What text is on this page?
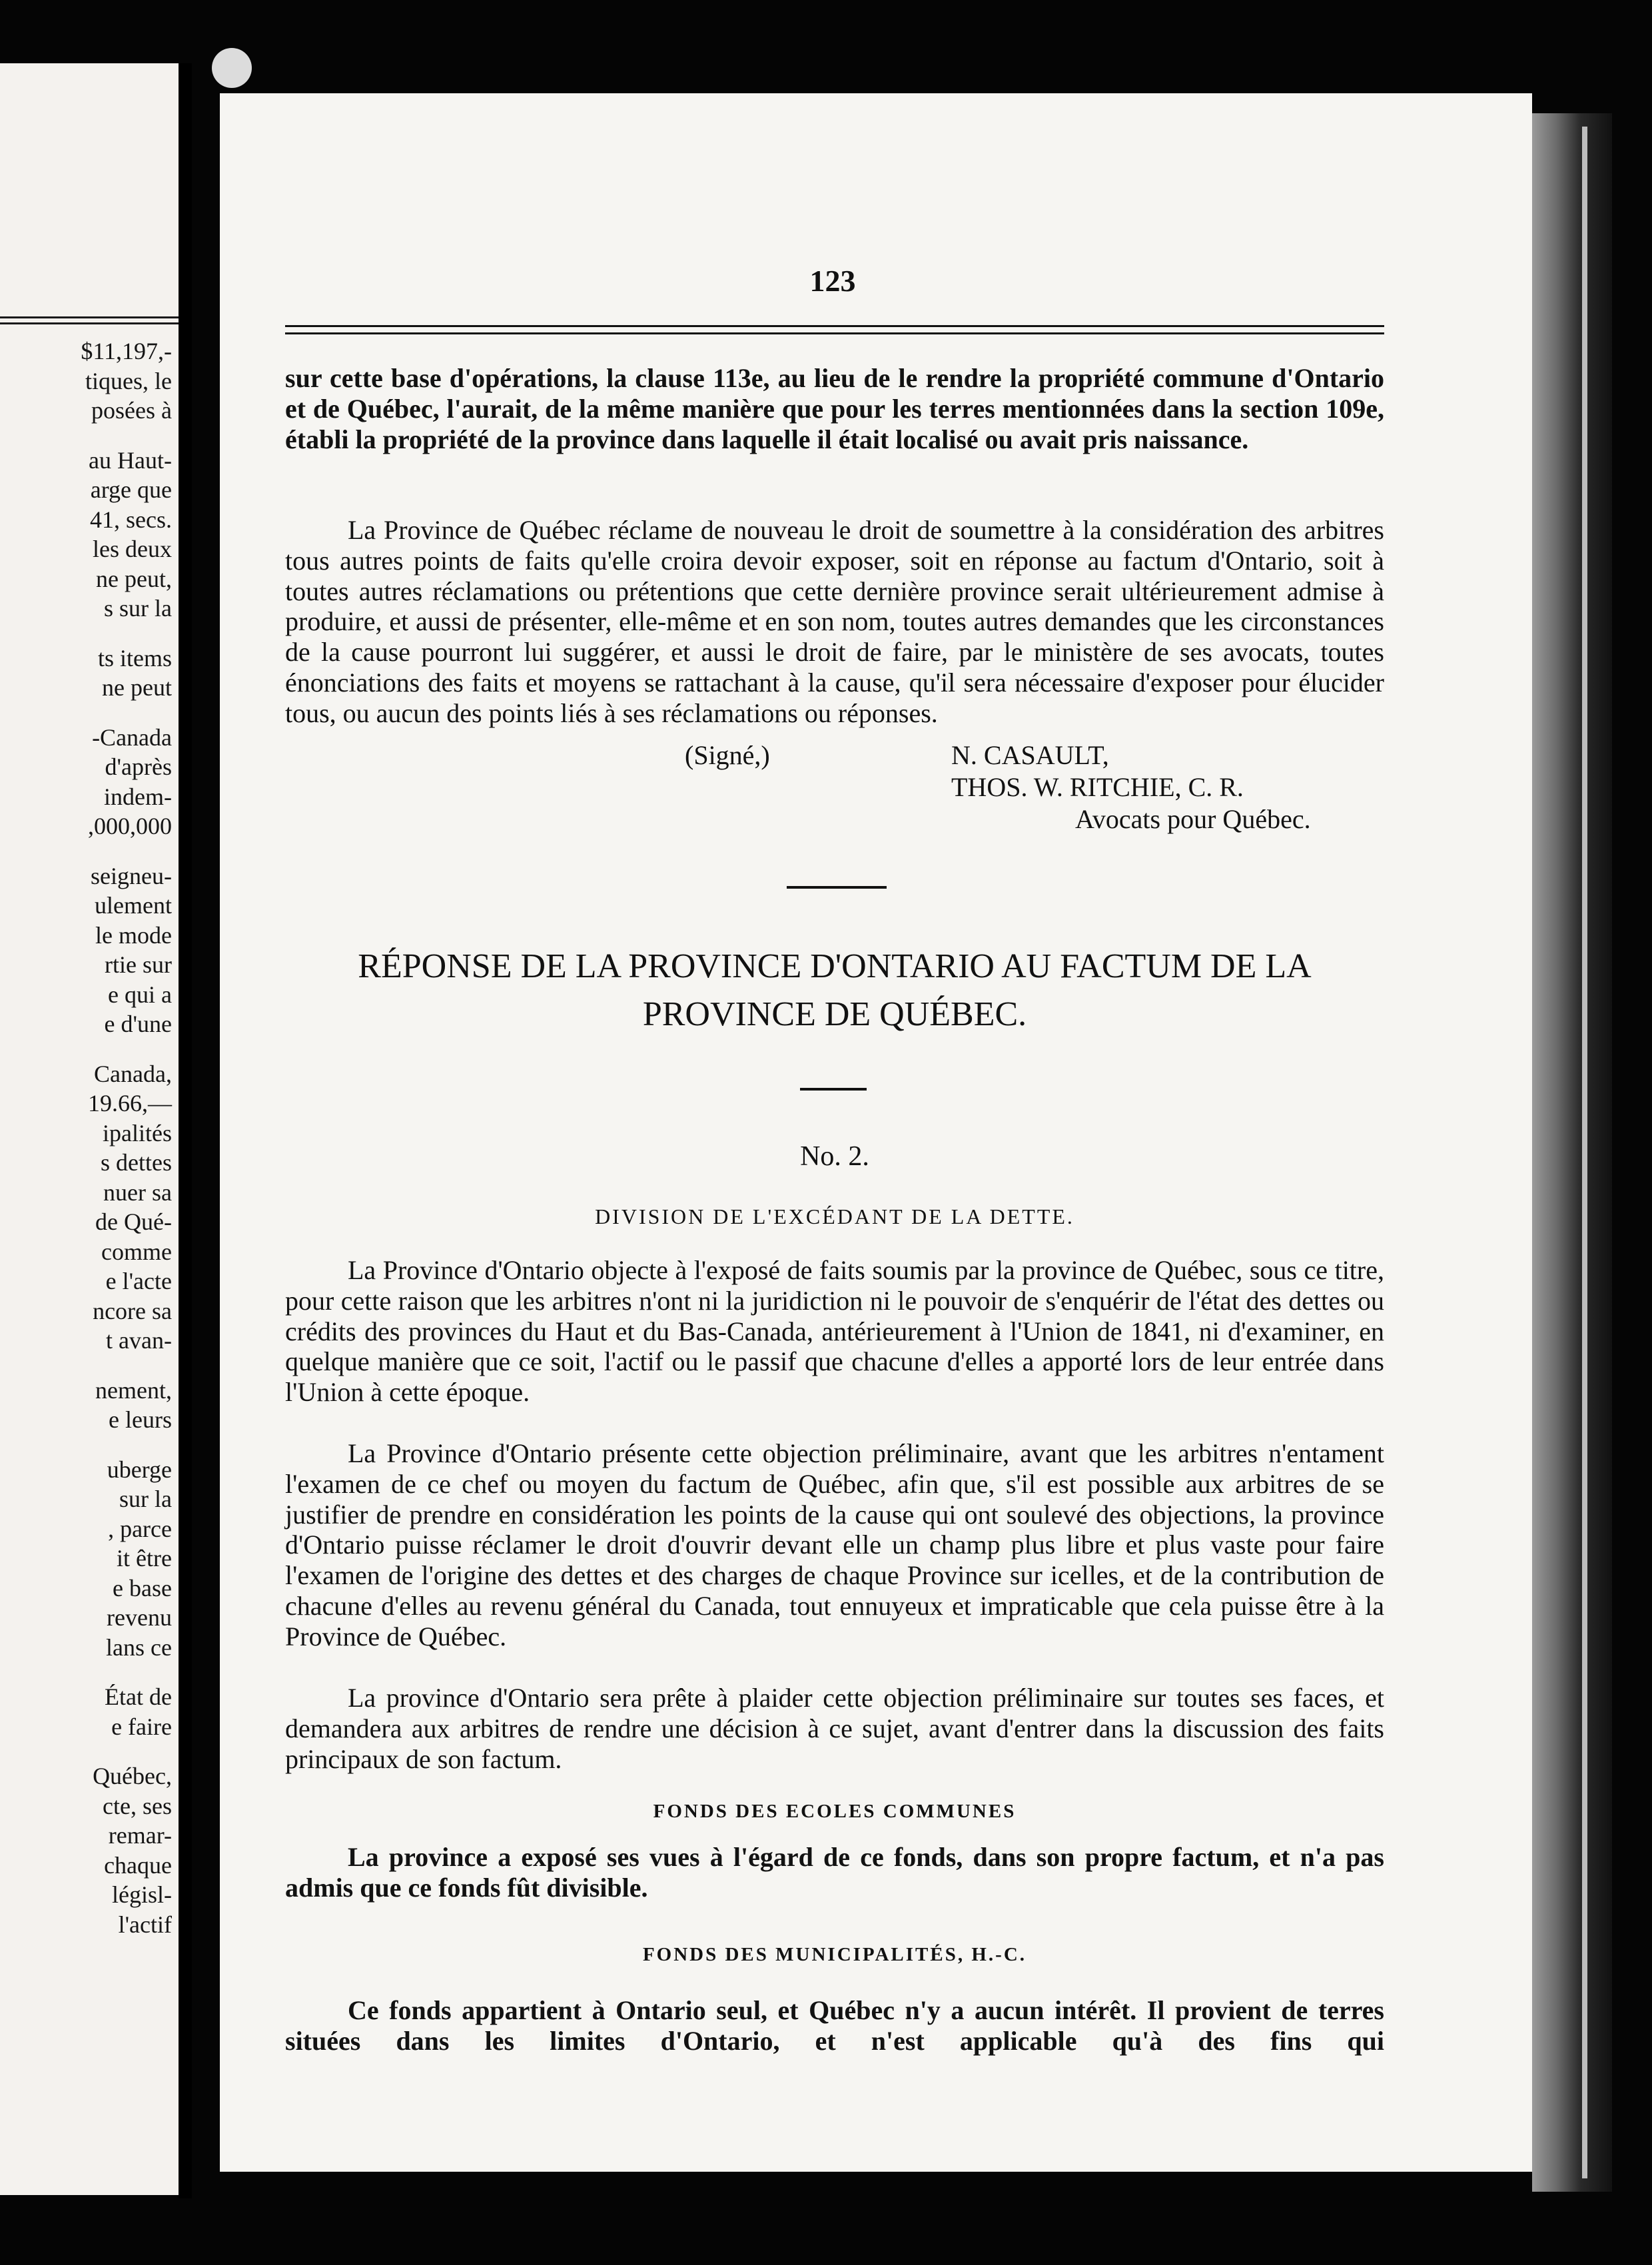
$11,197,-
tiques, le
posées à
au Haut-
arge que
41, secs.
les deux
ne peut,
s sur la
ts items
ne peut
-Canada
d'après
indem-
,000,000
seigneu-
ulement
le mode
rtie sur
e qui a
e d'une
Canada,
19.66,—
ipalités
s dettes
nuer sa
de Qué-
comme
e l'acte
ncore sa
t avan-
nement,
e leurs
uberge
sur la
, parce
it être
e base
revenu
lans ce
État de
e faire
Québec,
cte, ses
remar-
chaque
législ-
l'actif
123

sur cette base d'opérations, la clause 113e, au lieu de le rendre la propriété commune d'Ontario et de Québec, l'aurait, de la même manière que pour les terres mentionnées dans la section 109e, établi la propriété de la province dans laquelle il était localisé ou avait pris naissance.

La Province de Québec réclame de nouveau le droit de soumettre à la considération des arbitres tous autres points de faits qu'elle croira devoir exposer, soit en réponse au factum d'Ontario, soit à toutes autres réclamations ou prétentions que cette dernière province serait ultérieurement admise à produire, et aussi de présenter, elle-même et en son nom, toutes autres demandes que les circonstances de la cause pourront lui suggérer, et aussi le droit de faire, par le ministère de ses avocats, toutes énonciations des faits et moyens se rattachant à la cause, qu'il sera nécessaire d'exposer pour élucider tous, ou aucun des points liés à ses réclamations ou réponses.

(Signé,)	N. CASAULT,
THOS. W. RITCHIE, C. R.
Avocats pour Québec.
RÉPONSE DE LA PROVINCE D'ONTARIO AU FACTUM DE LA
PROVINCE DE QUÉBEC.
No. 2.
DIVISION DE L'EXCÉDANT DE LA DETTE.

La Province d'Ontario objecte à l'exposé de faits soumis par la province de Québec, sous ce titre, pour cette raison que les arbitres n'ont ni la juridiction ni le pouvoir de s'enquérir de l'état des dettes ou crédits des provinces du Haut et du Bas-Canada, antérieurement à l'Union de 1841, ni d'examiner, en quelque manière que ce soit, l'actif ou le passif que chacune d'elles a apporté lors de leur entrée dans l'Union à cette époque.

La Province d'Ontario présente cette objection préliminaire, avant que les arbitres n'entament l'examen de ce chef ou moyen du factum de Québec, afin que, s'il est possible aux arbitres de se justifier de prendre en considération les points de la cause qui ont soulevé des objections, la province d'Ontario puisse réclamer le droit d'ouvrir devant elle un champ plus libre et plus vaste pour faire l'examen de l'origine des dettes et des charges de chaque Province sur icelles, et de la contribution de chacune d'elles au revenu général du Canada, tout ennuyeux et impraticable que cela puisse être à la Province de Québec.

La province d'Ontario sera prête à plaider cette objection préliminaire sur toutes ses faces, et demandera aux arbitres de rendre une décision à ce sujet, avant d'entrer dans la discussion des faits principaux de son factum.

FONDS DES ECOLES COMMUNES

La province a exposé ses vues à l'égard de ce fonds, dans son propre factum, et n'a pas admis que ce fonds fût divisible.

FONDS DES MUNICIPALITÉS, H.-C.

Ce fonds appartient à Ontario seul, et Québec n'y a aucun intérêt. Il provient de terres situées dans les limites d'Ontario, et n'est applicable qu'à des fins qui
